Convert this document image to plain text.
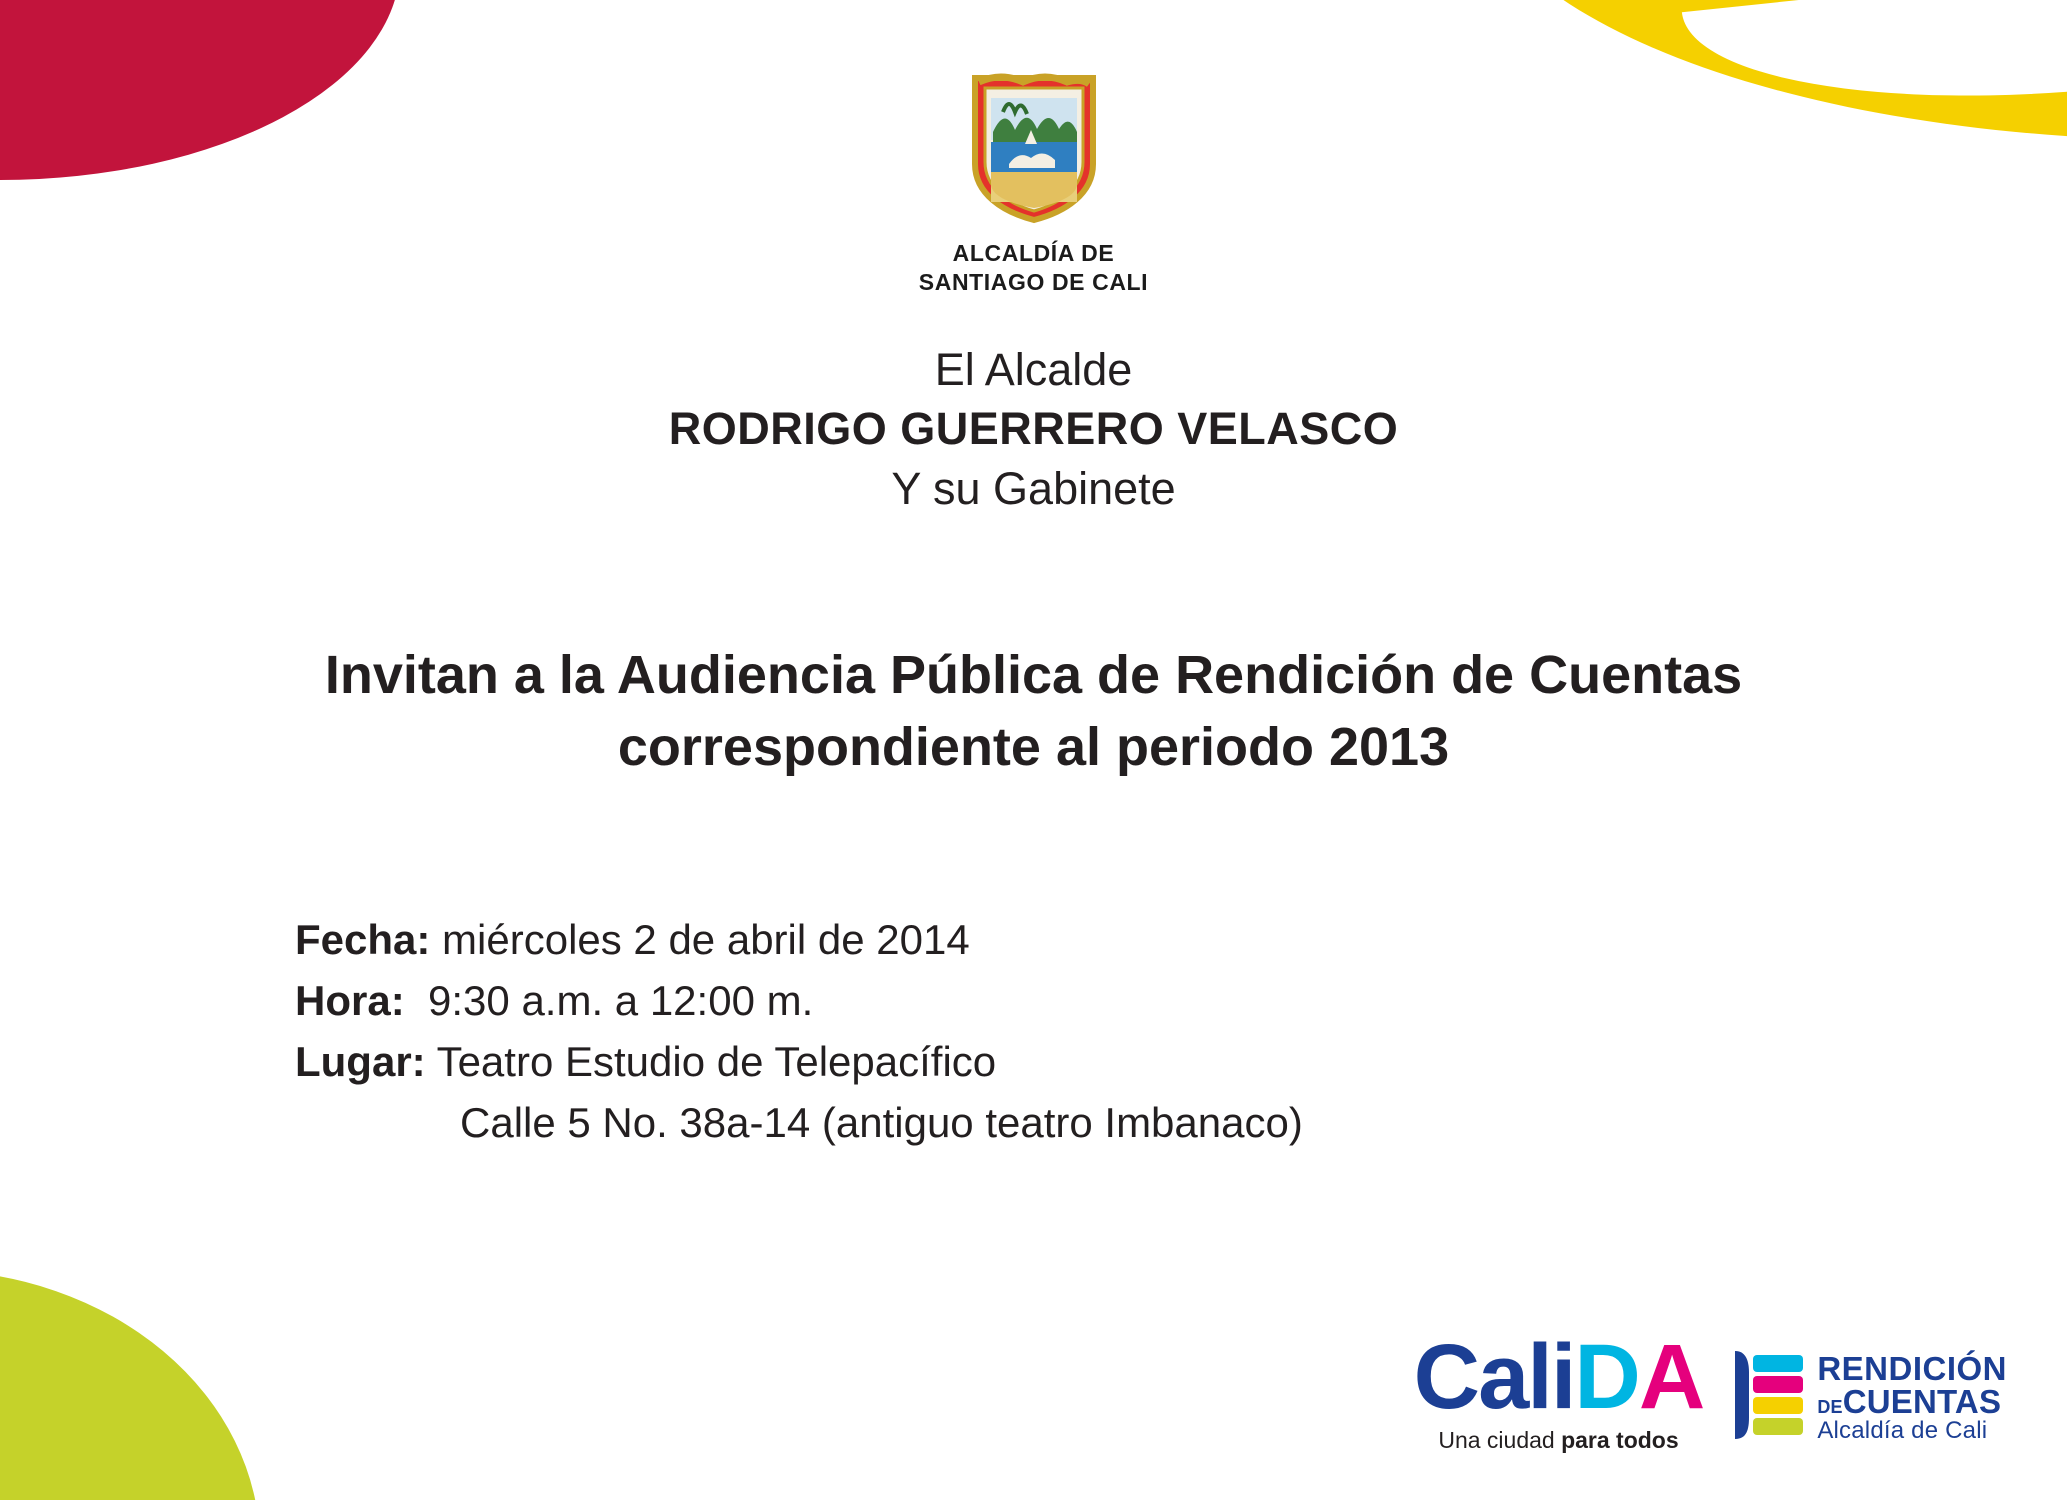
ALCALDÍA DE
SANTIAGO DE CALI
El Alcalde
RODRIGO GUERRERO VELASCO
Y su Gabinete
Invitan a la Audiencia Pública de Rendición de Cuentas
correspondiente al periodo 2013
Fecha: miércoles 2 de abril de 2014
Hora: 9:30 a.m. a 12:00 m.
Lugar: Teatro Estudio de Telepacífico
Calle 5 No. 38a-14 (antiguo teatro Imbanaco)
CaliDA
Una ciudad para todos
RENDICIÓN
DECUENTAS
Alcaldía de Cali
